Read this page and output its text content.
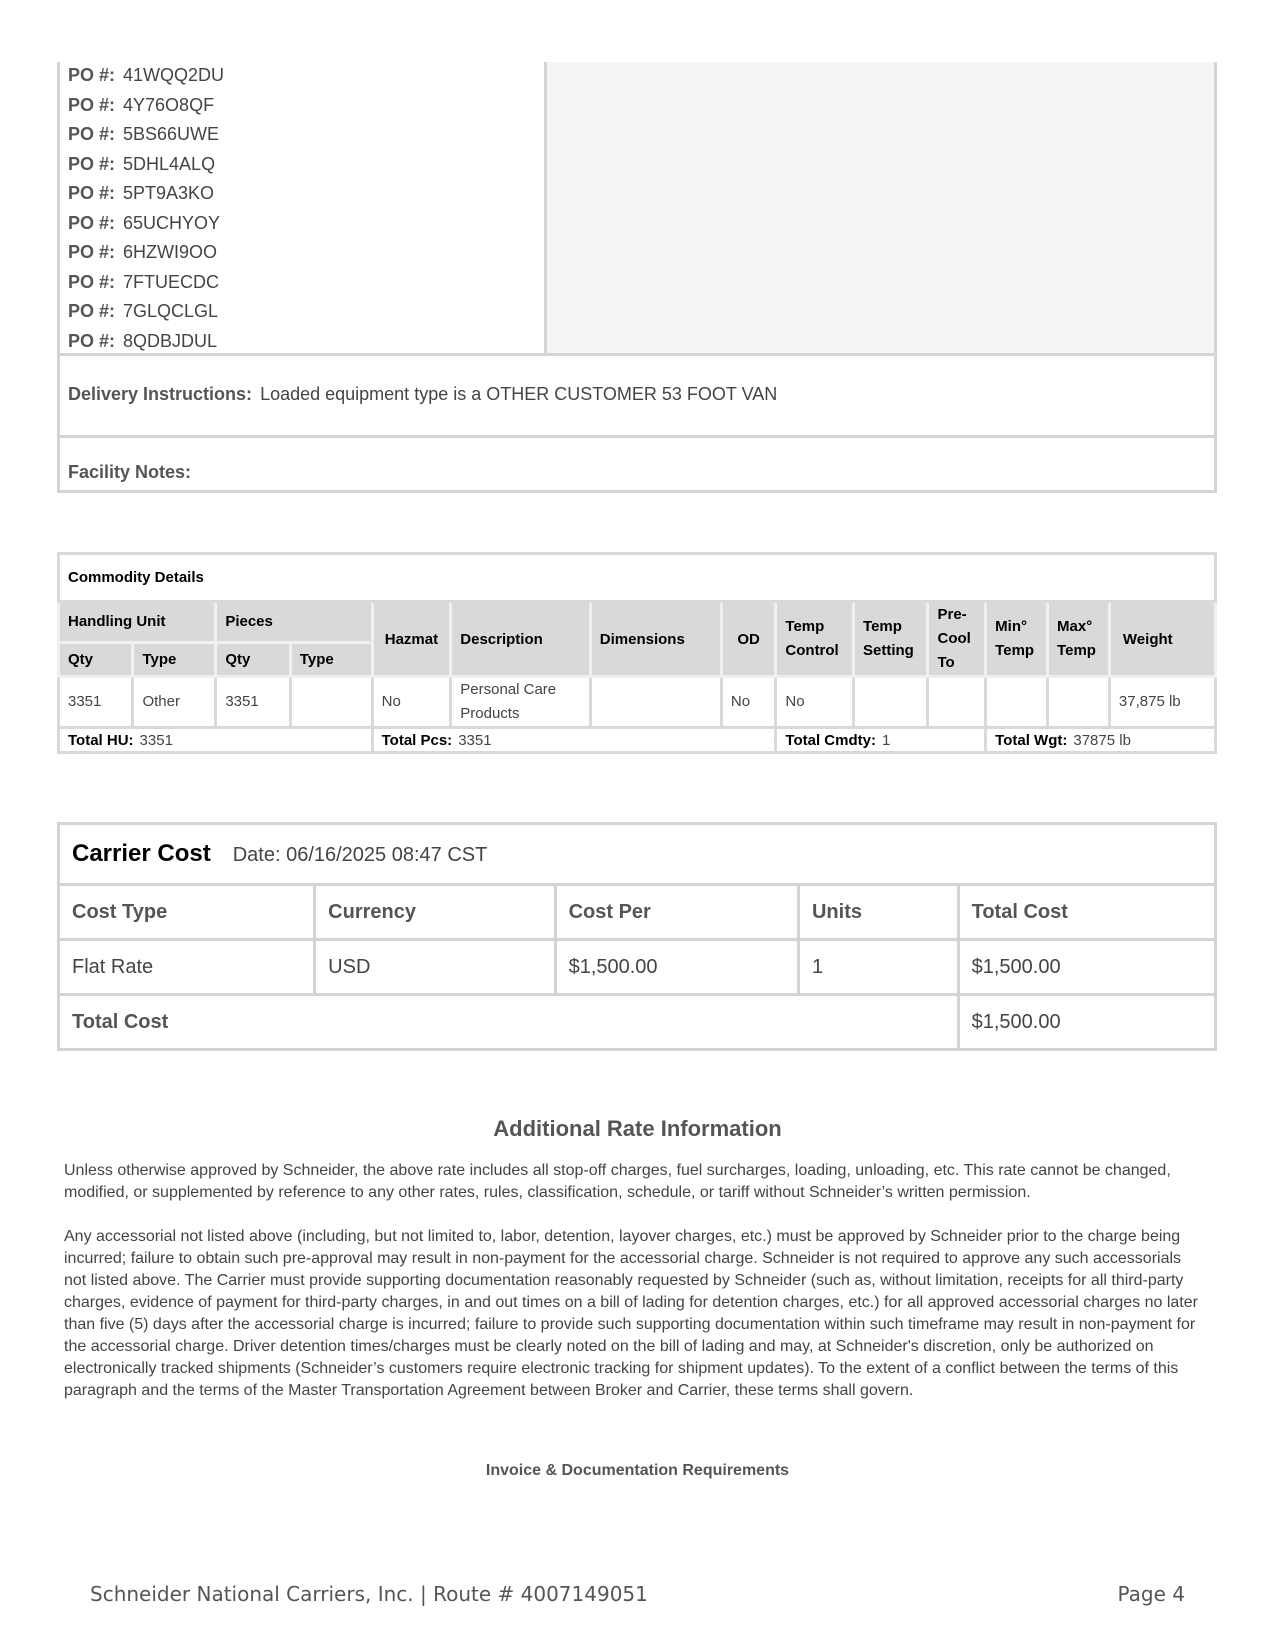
PO #: 41WQQ2DU
PO #: 4Y76O8QF
PO #: 5BS66UWE
PO #: 5DHL4ALQ
PO #: 5PT9A3KO
PO #: 65UCHYOY
PO #: 6HZWI9OO
PO #: 7FTUECDC
PO #: 7GLQCLGL
PO #: 8QDBJDUL
Delivery Instructions: Loaded equipment type is a OTHER CUSTOMER 53 FOOT VAN
Facility Notes:
Commodity Details													
Handling Unit		Pieces		Hazmat	Description	Dimensions	OD	Temp Control	Temp Setting	Pre-Cool To	Min° Temp	Max° Temp	Weight
Qty	Type	Qty	Type										
3351	Other	3351		No	Personal Care Products		No	No					37,875 lb
Total HU: 3351				Total Pcs: 3351				Total Cmdty: 1			Total Wgt: 37875 lb		
Carrier Cost Date: 06/16/2025 08:47 CST				
Cost Type	Currency	Cost Per	Units	Total Cost
Flat Rate	USD	$1,500.00	1	$1,500.00
Total Cost				$1,500.00
Additional Rate Information
Unless otherwise approved by Schneider, the above rate includes all stop-off charges, fuel surcharges, loading, unloading, etc. This rate cannot be changed, modified, or supplemented by reference to any other rates, rules, classification, schedule, or tariff without Schneider’s written permission.
Any accessorial not listed above (including, but not limited to, labor, detention, layover charges, etc.) must be approved by Schneider prior to the charge being incurred; failure to obtain such pre-approval may result in non-payment for the accessorial charge. Schneider is not required to approve any such accessorials not listed above. The Carrier must provide supporting documentation reasonably requested by Schneider (such as, without limitation, receipts for all third-party charges, evidence of payment for third-party charges, in and out times on a bill of lading for detention charges, etc.) for all approved accessorial charges no later than five (5) days after the accessorial charge is incurred; failure to provide such supporting documentation within such timeframe may result in non-payment for the accessorial charge. Driver detention times/charges must be clearly noted on the bill of lading and may, at Schneider's discretion, only be authorized on electronically tracked shipments (Schneider’s customers require electronic tracking for shipment updates). To the extent of a conflict between the terms of this paragraph and the terms of the Master Transportation Agreement between Broker and Carrier, these terms shall govern.
Invoice & Documentation Requirements
Schneider National Carriers, Inc. | Route # 4007149051	Page 4
